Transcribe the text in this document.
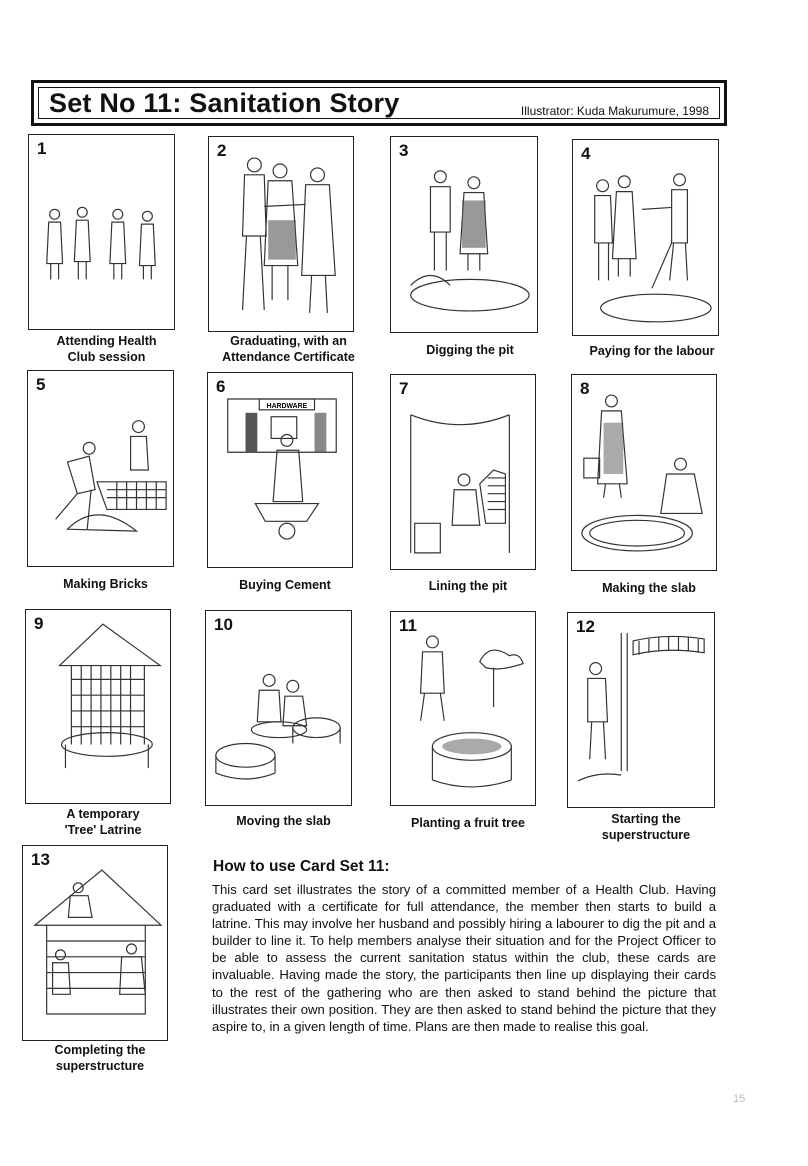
Set No 11: Sanitation Story	Illustrator: Kuda Makurumure, 1998
1
Attending Health
Club session
2
Graduating, with an
Attendance Certificate
3
Digging the pit
4
Paying for the labour
5
Making Bricks
HARDWARE
6
Buying Cement
7
Lining the pit
8
Making the slab
9
A temporary
'Tree' Latrine
10
Moving the slab
11
Planting a fruit tree
12
Starting the
superstructure
13
Completing the
superstructure
How to use Card Set 11:
This card set illustrates the story of a committed member of a Health Club. Having graduated with a certificate for full attendance, the member then starts to build a latrine. This may involve her husband and possibly hiring a labourer to dig the pit and a builder to line it. To help members analyse their situation and for the Project Officer to be able to assess the current sanitation status within the club, these cards are invaluable. Having made the story, the participants then line up displaying their cards to the rest of the gathering who are then asked to stand behind the picture that illustrates their own position. They are then asked to stand behind the picture that they aspire to, in a given length of time. Plans are then made to realise this goal.
15
